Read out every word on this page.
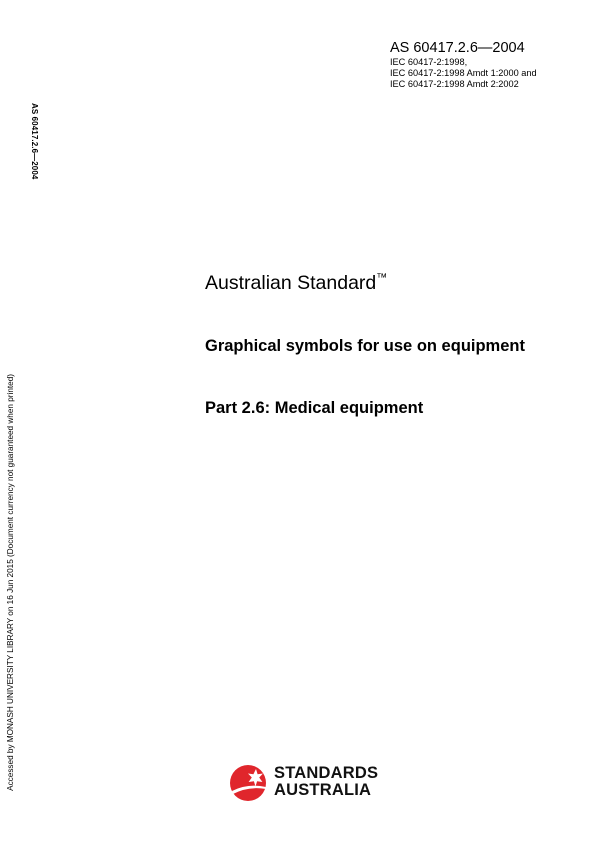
AS 60417.2.6—2004
IEC 60417-2:1998,
IEC 60417-2:1998 Amdt 1:2000 and
IEC 60417-2:1998 Amdt 2:2002
AS 60417.2.6—2004
Accessed by MONASH UNIVERSITY LIBRARY on 16 Jun 2015 (Document currency not guaranteed when printed)
Australian Standard™
Graphical symbols for use on equipment
Part 2.6: Medical equipment
STANDARDS
AUSTRALIA
